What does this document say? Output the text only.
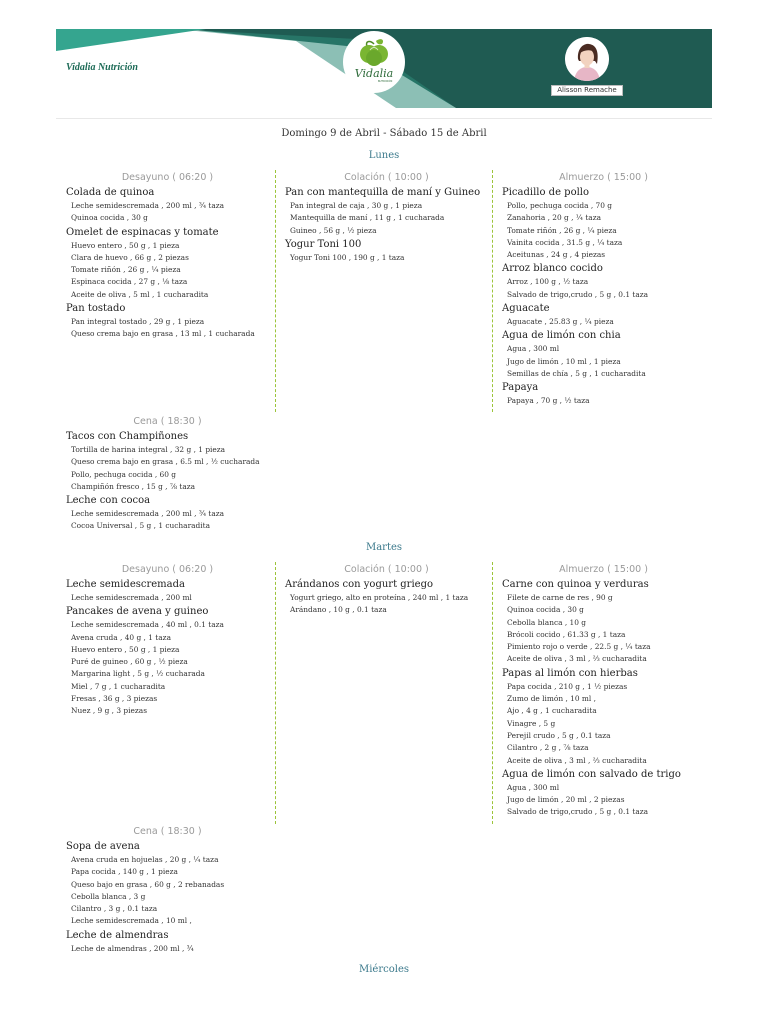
Vidalia Nutrición	Vidalia
NUTRICIÓN
Alisson Remache
Domingo 9 de Abril - Sábado 15 de Abril
Lunes
Desayuno ( 06:20 )
Colada de quinoa
Leche semidescremada , 200 ml , ¾ taza
Quinoa cocida , 30 g
Omelet de espinacas y tomate
Huevo entero , 50 g , 1 pieza
Clara de huevo , 66 g , 2 piezas
Tomate riñón , 26 g , ¼ pieza
Espinaca cocida , 27 g , ⅛ taza
Aceite de oliva , 5 ml , 1 cucharadita
Pan tostado
Pan integral tostado , 29 g , 1 pieza
Queso crema bajo en grasa , 13 ml , 1 cucharada
Colación ( 10:00 )
Pan con mantequilla de maní y Guineo
Pan integral de caja , 30 g , 1 pieza
Mantequilla de maní , 11 g , 1 cucharada
Guineo , 56 g , ½ pieza
Yogur Toni 100
Yogur Toni 100 , 190 g , 1 taza
Almuerzo ( 15:00 )
Picadillo de pollo
Pollo, pechuga cocida , 70 g
Zanahoria , 20 g , ¼ taza
Tomate riñón , 26 g , ¼ pieza
Vainita cocida , 31.5 g , ¼ taza
Aceitunas , 24 g , 4 piezas
Arroz blanco cocido
Arroz , 100 g , ½ taza
Salvado de trigo,crudo , 5 g , 0.1 taza
Aguacate
Aguacate , 25.83 g , ¼ pieza
Agua de limón con chia
Agua , 300 ml
Jugo de limón , 10 ml , 1 pieza
Semillas de chía , 5 g , 1 cucharadita
Papaya
Papaya , 70 g , ½ taza
Cena ( 18:30 )
Tacos con Champiñones
Tortilla de harina integral , 32 g , 1 pieza
Queso crema bajo en grasa , 6.5 ml , ½ cucharada
Pollo, pechuga cocida , 60 g
Champiñón fresco , 15 g , ⅞ taza
Leche con cocoa
Leche semidescremada , 200 ml , ¾ taza
Cocoa Universal , 5 g , 1 cucharadita
Martes
Desayuno ( 06:20 )
Leche semidescremada
Leche semidescremada , 200 ml
Pancakes de avena y guineo
Leche semidescremada , 40 ml , 0.1 taza
Avena cruda , 40 g , 1 taza
Huevo entero , 50 g , 1 pieza
Puré de guineo , 60 g , ½ pieza
Margarina light , 5 g , ½ cucharada
Miel , 7 g , 1 cucharadita
Fresas , 36 g , 3 piezas
Nuez , 9 g , 3 piezas
Colación ( 10:00 )
Arándanos con yogurt griego
Yogurt griego, alto en proteína , 240 ml , 1 taza
Arándano , 10 g , 0.1 taza
Almuerzo ( 15:00 )
Carne con quinoa y verduras
Filete de carne de res , 90 g
Quinoa cocida , 30 g
Cebolla blanca , 10 g
Brócoli cocido , 61.33 g , 1 taza
Pimiento rojo o verde , 22.5 g , ¼ taza
Aceite de oliva , 3 ml , ⅔ cucharadita
Papas al limón con hierbas
Papa cocida , 210 g , 1 ½ piezas
Zumo de limón , 10 ml ,
Ajo , 4 g , 1 cucharadita
Vinagre , 5 g
Perejil crudo , 5 g , 0.1 taza
Cilantro , 2 g , ⅞ taza
Aceite de oliva , 3 ml , ⅔ cucharadita
Agua de limón con salvado de trigo
Agua , 300 ml
Jugo de limón , 20 ml , 2 piezas
Salvado de trigo,crudo , 5 g , 0.1 taza
Cena ( 18:30 )
Sopa de avena
Avena cruda en hojuelas , 20 g , ¼ taza
Papa cocida , 140 g , 1 pieza
Queso bajo en grasa , 60 g , 2 rebanadas
Cebolla blanca , 3 g
Cilantro , 3 g , 0.1 taza
Leche semidescremada , 10 ml ,
Leche de almendras
Leche de almendras , 200 ml , ¾
Miércoles
